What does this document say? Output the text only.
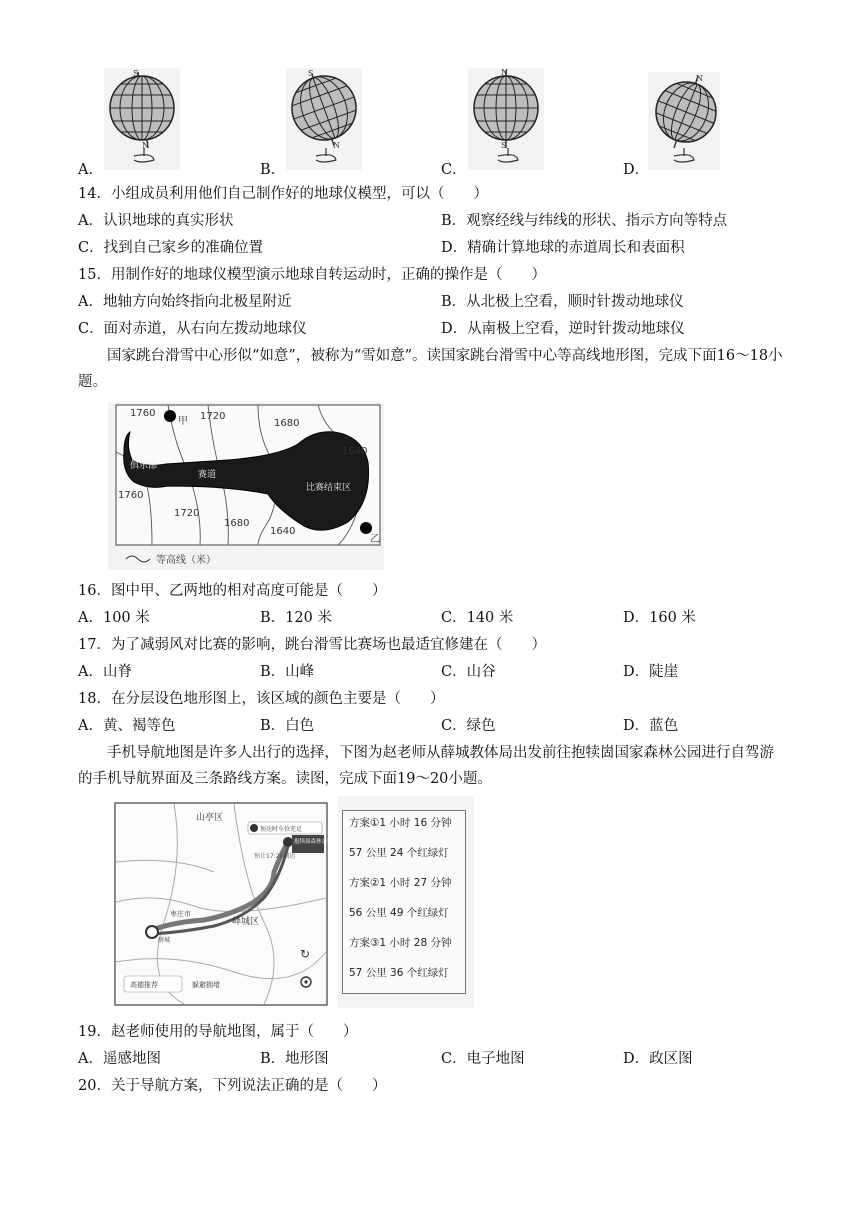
S
N
S
N
N
S
N
A．	B．	C．	D．
14．小组成员利用他们自己制作好的地球仪模型，可以（　　）
A．认识地球的真实形状	B．观察经线与纬线的形状、指示方向等特点
C．找到自己家乡的准确位置	D．精确计算地球的赤道周长和表面积
15．用制作好的地球仪模型演示地球自转运动时，正确的操作是（　　）
A．地轴方向始终指向北极星附近	B．从北极上空看，顺时针拨动地球仪
C．面对赤道，从右向左拨动地球仪	D．从南极上空看，逆时针拨动地球仪
国家跳台滑雪中心形似“如意”，被称为“雪如意”。读国家跳台滑雪中心等高线地形图，完成下面16～18小题。
1760	1720
1680
1640
1760
1720
1680
1640
甲
乙
俱乐部
赛道
比赛结束区
等高线（米）
16．图中甲、乙两地的相对高度可能是（　　）
A．100 米	B．120 米	C．140 米	D．160 米
17．为了减弱风对比赛的影响，跳台滑雪比赛场也最适宜修建在（　　）
A．山脊	B．山峰	C．山谷	D．陡崖
18．在分层设色地形图上，该区域的颜色主要是（　　）
A．黄、褐等色	B．白色	C．绿色	D．蓝色
手机导航地图是许多人出行的选择，下图为赵老师从薛城教体局出发前往抱犊崮国家森林公园进行自驾游的手机导航界面及三条路线方案。读图，完成下面19～20小题。
预达时车位充足
抱犊崮森林公园
预计17:28到达
山亭区
峄城区
枣庄市
薛城
高德推荐	躲避拥堵
↻
方案①1 小时 16 分钟
57 公里 24 个红绿灯
方案②1 小时 27 分钟
56 公里 49 个红绿灯
方案③1 小时 28 分钟
57 公里 36 个红绿灯
19．赵老师使用的导航地图，属于（　　）
A．遥感地图	B．地形图	C．电子地图	D．政区图
20．关于导航方案，下列说法正确的是（　　）
